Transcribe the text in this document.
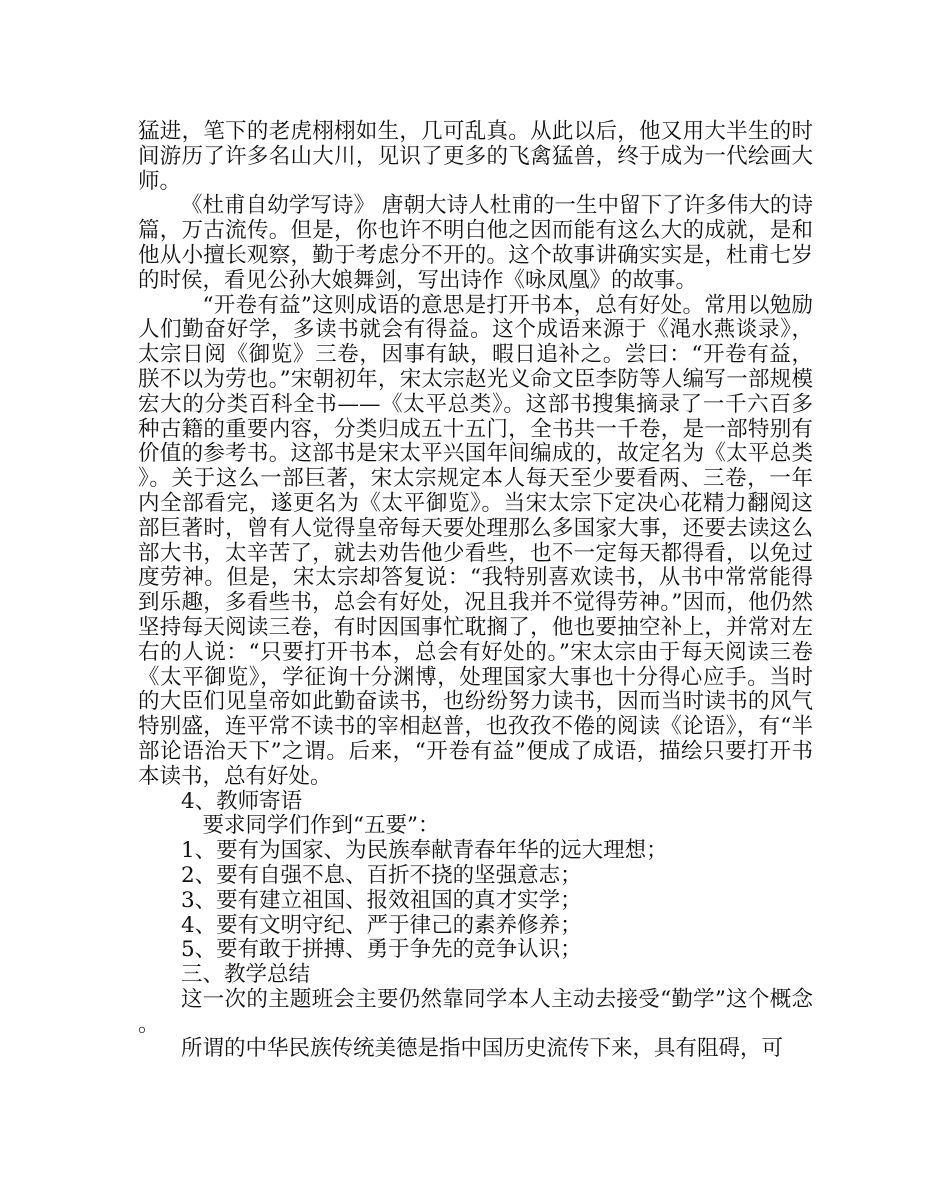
猛进，笔下的老虎栩栩如生，几可乱真。从此以后，他又用大半生的时间游历了许多名山大川，见识了更多的飞禽猛兽，终于成为一代绘画大师。

《杜甫自幼学写诗》 唐朝大诗人杜甫的一生中留下了许多伟大的诗篇，万古流传。但是，你也许不明白他之因而能有这么大的成就，是和他从小擅长观察，勤于考虑分不开的。这个故事讲确实实是，杜甫七岁的时侯，看见公孙大娘舞剑，写出诗作《咏凤凰》的故事。

“开卷有益”这则成语的意思是打开书本，总有好处。常用以勉励人们勤奋好学，多读书就会有得益。这个成语来源于《渑水燕谈录》，太宗日阅《御览》三卷，因事有缺，暇日追补之。尝曰：“开卷有益，朕不以为劳也。”宋朝初年，宋太宗赵光义命文臣李防等人编写一部规模宏大的分类百科全书——《太平总类》。这部书搜集摘录了一千六百多种古籍的重要内容，分类归成五十五门，全书共一千卷，是一部特别有价值的参考书。这部书是宋太平兴国年间编成的，故定名为《太平总类》。关于这么一部巨著，宋太宗规定本人每天至少要看两、三卷，一年内全部看完，遂更名为《太平御览》。当宋太宗下定决心花精力翻阅这部巨著时，曾有人觉得皇帝每天要处理那么多国家大事，还要去读这么部大书，太辛苦了，就去劝告他少看些，也不一定每天都得看，以免过度劳神。但是，宋太宗却答复说：“我特别喜欢读书，从书中常常能得到乐趣，多看些书，总会有好处，况且我并不觉得劳神。”因而，他仍然坚持每天阅读三卷，有时因国事忙耽搁了，他也要抽空补上，并常对左右的人说：“只要打开书本，总会有好处的。”宋太宗由于每天阅读三卷《太平御览》，学征询十分渊博，处理国家大事也十分得心应手。当时的大臣们见皇帝如此勤奋读书，也纷纷努力读书，因而当时读书的风气特别盛，连平常不读书的宰相赵普，也孜孜不倦的阅读《论语》，有“半部论语治天下”之谓。后来，“开卷有益”便成了成语，描绘只要打开书本读书，总有好处。

4、教师寄语

要求同学们作到“五要”：

1、要有为国家、为民族奉献青春年华的远大理想；

2、要有自强不息、百折不挠的坚强意志；

3、要有建立祖国、报效祖国的真才实学；

4、要有文明守纪、严于律己的素养修养；

5、要有敢于拼搏、勇于争先的竞争认识；

三、教学总结

这一次的主题班会主要仍然靠同学本人主动去接受“勤学”这个概念。

所谓的中华民族传统美德是指中国历史流传下来，具有阻碍，可
